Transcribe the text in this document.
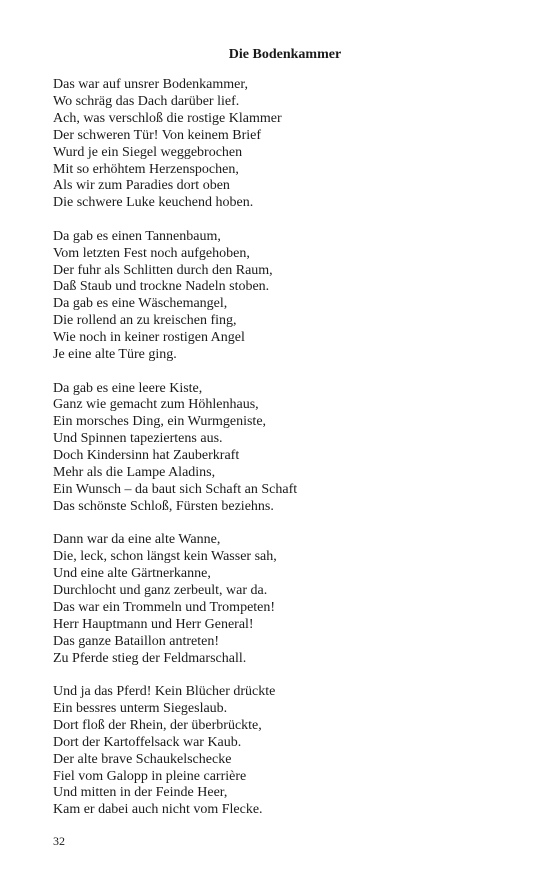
Die Bodenkammer
Das war auf unsrer Bodenkammer,
Wo schräg das Dach darüber lief.
Ach, was verschloß die rostige Klammer
Der schweren Tür! Von keinem Brief
Wurd je ein Siegel weggebrochen
Mit so erhöhtem Herzenspochen,
Als wir zum Paradies dort oben
Die schwere Luke keuchend hoben.
Da gab es einen Tannenbaum,
Vom letzten Fest noch aufgehoben,
Der fuhr als Schlitten durch den Raum,
Daß Staub und trockne Nadeln stoben.
Da gab es eine Wäschemangel,
Die rollend an zu kreischen fing,
Wie noch in keiner rostigen Angel
Je eine alte Türe ging.
Da gab es eine leere Kiste,
Ganz wie gemacht zum Höhlenhaus,
Ein morsches Ding, ein Wurmgeniste,
Und Spinnen tapeziertens aus.
Doch Kindersinn hat Zauberkraft
Mehr als die Lampe Aladins,
Ein Wunsch – da baut sich Schaft an Schaft
Das schönste Schloß, Fürsten beziehns.
Dann war da eine alte Wanne,
Die, leck, schon längst kein Wasser sah,
Und eine alte Gärtnerkanne,
Durchlocht und ganz zerbeult, war da.
Das war ein Trommeln und Trompeten!
Herr Hauptmann und Herr General!
Das ganze Bataillon antreten!
Zu Pferde stieg der Feldmarschall.
Und ja das Pferd! Kein Blücher drückte
Ein bessres unterm Siegeslaub.
Dort floß der Rhein, der überbrückte,
Dort der Kartoffelsack war Kaub.
Der alte brave Schaukelschecke
Fiel vom Galopp in pleine carrière
Und mitten in der Feinde Heer,
Kam er dabei auch nicht vom Flecke.
32
